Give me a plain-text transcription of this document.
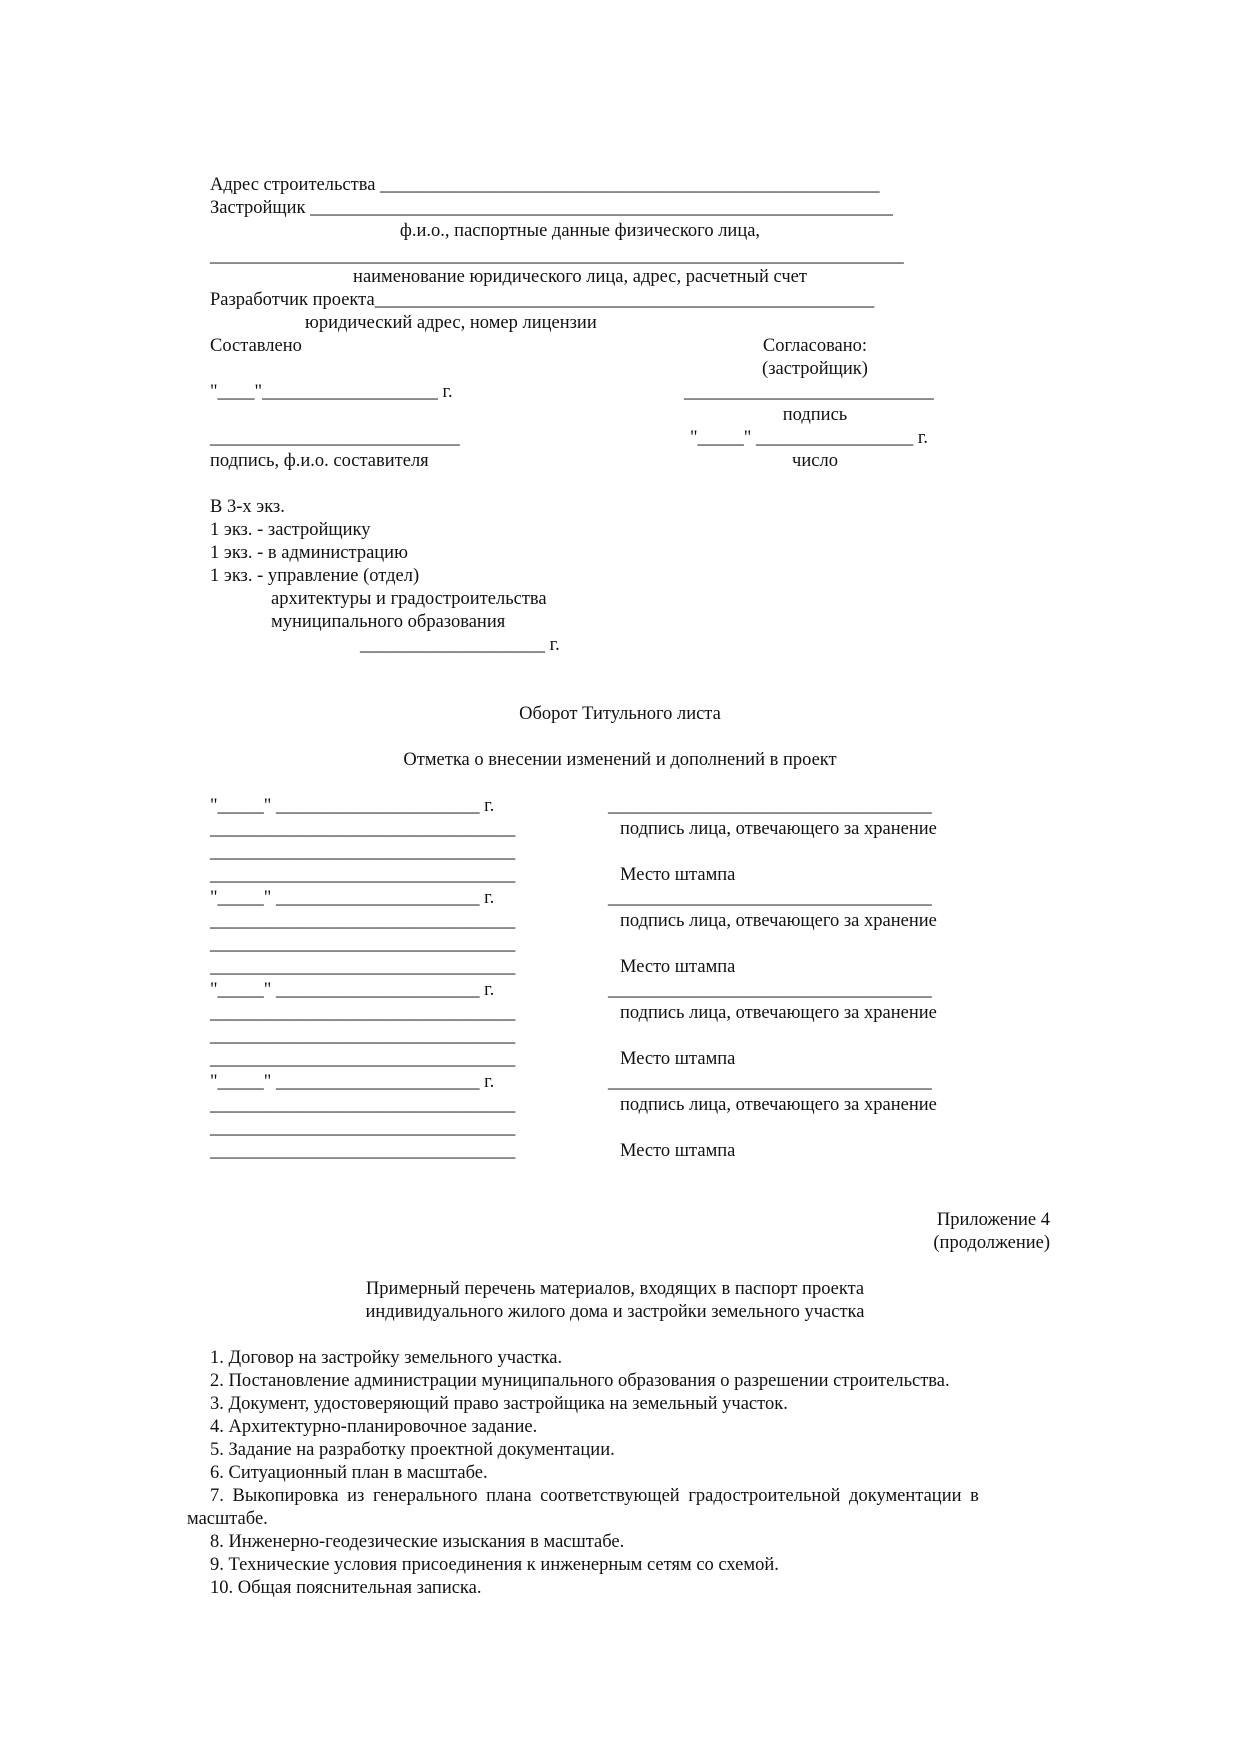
Адрес строительства ______________________________________________________
Застройщик _______________________________________________________________
ф.и.о., паспортные данные физического лица,
___________________________________________________________________________
наименование юридического лица, адрес, расчетный счет
Разработчик проекта______________________________________________________
юридический адрес, номер лицензии
Составлено
"____"___________________ г.
___________________________
подпись, ф.и.о. составителя
Согласовано:
(застройщик)
___________________________
подпись
"_____" _________________ г.
число
В 3-х экз.
1 экз. - застройщику
1 экз. - в администрацию
1 экз. - управление (отдел)
архитектуры и градостроительства
муниципального образования
____________________ г.
Оборот Титульного листа
Отметка о внесении изменений и дополнений в проект
"_____" ______________________ г.
_________________________________
_________________________________
_________________________________
___________________________________
подпись лица, отвечающего за хранение
Место штампа
"_____" ______________________ г.
_________________________________
_________________________________
_________________________________
___________________________________
подпись лица, отвечающего за хранение
Место штампа
"_____" ______________________ г.
_________________________________
_________________________________
_________________________________
___________________________________
подпись лица, отвечающего за хранение
Место штампа
"_____" ______________________ г.
_________________________________
_________________________________
_________________________________
___________________________________
подпись лица, отвечающего за хранение
Место штампа
Приложение 4
(продолжение)
Примерный перечень материалов, входящих в паспорт проекта
индивидуального жилого дома и застройки земельного участка
1. Договор на застройку земельного участка.
2. Постановление администрации муниципального образования о разрешении строительства.
3. Документ, удостоверяющий право застройщика на земельный участок.
4. Архитектурно-планировочное задание.
5. Задание на разработку проектной документации.
6. Ситуационный план в масштабе.
7. Выкопировка из генерального плана соответствующей градостроительной документации в
масштабе.
8. Инженерно-геодезические изыскания в масштабе.
9. Технические условия присоединения к инженерным сетям со схемой.
10. Общая пояснительная записка.
